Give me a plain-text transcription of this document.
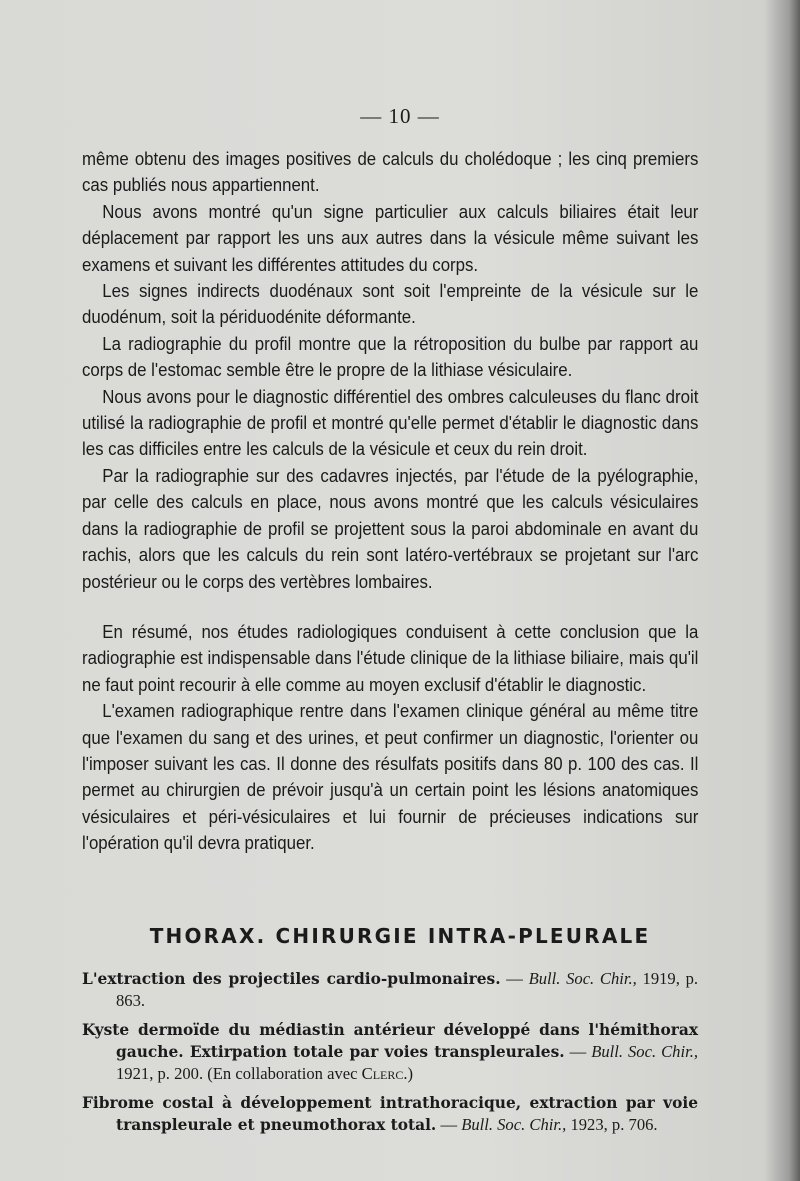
— 10 —

même obtenu des images positives de calculs du cholédoque ; les cinq premiers cas publiés nous appartiennent.

Nous avons montré qu'un signe particulier aux calculs biliaires était leur déplacement par rapport les uns aux autres dans la vésicule même suivant les examens et suivant les différentes attitudes du corps.

Les signes indirects duodénaux sont soit l'empreinte de la vésicule sur le duodénum, soit la périduodénite déformante.

La radiographie du profil montre que la rétroposition du bulbe par rapport au corps de l'estomac semble être le propre de la lithiase vésiculaire.

Nous avons pour le diagnostic différentiel des ombres calculeuses du flanc droit utilisé la radiographie de profil et montré qu'elle permet d'établir le diagnostic dans les cas difficiles entre les calculs de la vésicule et ceux du rein droit.

Par la radiographie sur des cadavres injectés, par l'étude de la pyélographie, par celle des calculs en place, nous avons montré que les calculs vésiculaires dans la radiographie de profil se projettent sous la paroi abdominale en avant du rachis, alors que les calculs du rein sont latéro-vertébraux se projetant sur l'arc postérieur ou le corps des vertèbres lombaires.

En résumé, nos études radiologiques conduisent à cette conclusion que la radiographie est indispensable dans l'étude clinique de la lithiase biliaire, mais qu'il ne faut point recourir à elle comme au moyen exclusif d'établir le diagnostic.

L'examen radiographique rentre dans l'examen clinique général au même titre que l'examen du sang et des urines, et peut confirmer un diagnostic, l'orienter ou l'imposer suivant les cas. Il donne des résulfats positifs dans 80 p. 100 des cas. Il permet au chirurgien de prévoir jusqu'à un certain point les lésions anatomiques vésiculaires et péri-vésiculaires et lui fournir de précieuses indications sur l'opération qu'il devra pratiquer.

THORAX. CHIRURGIE INTRA-PLEURALE

L'extraction des projectiles cardio-pulmonaires. — Bull. Soc. Chir., 1919, p. 863.

Kyste dermoïde du médiastin antérieur développé dans l'hémithorax gauche. Extirpation totale par voies transpleurales. — Bull. Soc. Chir., 1921, p. 200. (En collaboration avec Clerc.)

Fibrome costal à développement intrathoracique, extraction par voie transpleurale et pneumothorax total. — Bull. Soc. Chir., 1923, p. 706.
